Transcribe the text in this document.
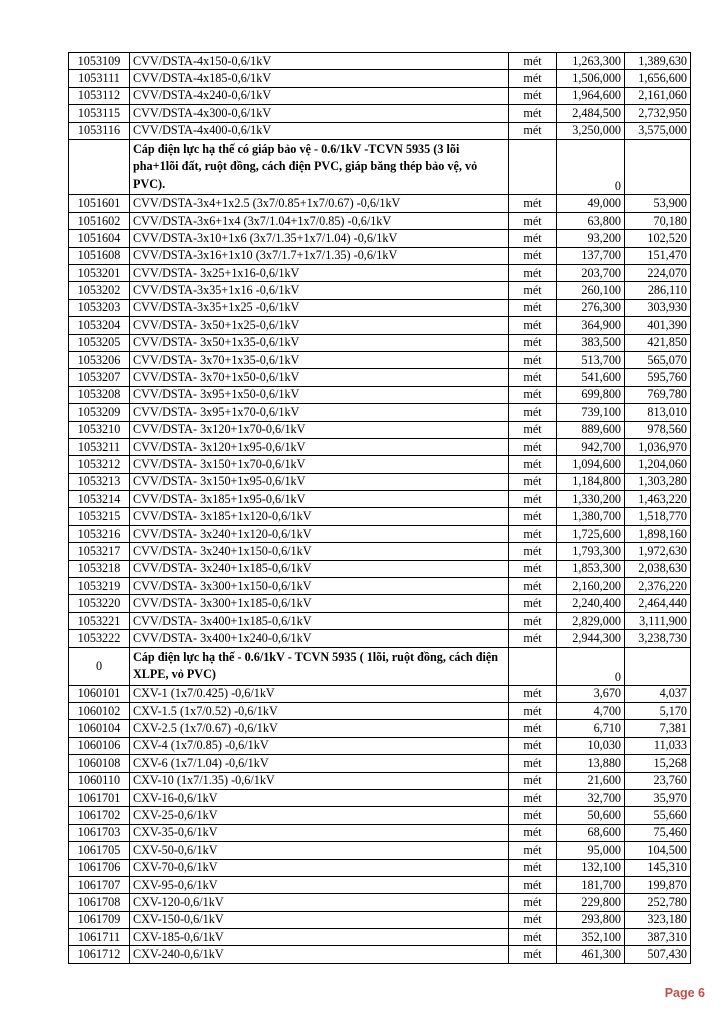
1053109	CVV/DSTA-4x150-0,6/1kV	mét	1,263,300	1,389,630
1053111	CVV/DSTA-4x185-0,6/1kV	mét	1,506,000	1,656,600
1053112	CVV/DSTA-4x240-0,6/1kV	mét	1,964,600	2,161,060
1053115	CVV/DSTA-4x300-0,6/1kV	mét	2,484,500	2,732,950
1053116	CVV/DSTA-4x400-0,6/1kV	mét	3,250,000	3,575,000
	Cáp điện lực hạ thế có giáp bảo vệ - 0.6/1kV -TCVN 5935 (3 lõi pha+1lõi đất, ruột đồng, cách điện PVC, giáp băng thép bảo vệ, vỏ PVC).		0	
1051601	CVV/DSTA-3x4+1x2.5 (3x7/0.85+1x7/0.67) -0,6/1kV	mét	49,000	53,900
1051602	CVV/DSTA-3x6+1x4 (3x7/1.04+1x7/0.85) -0,6/1kV	mét	63,800	70,180
1051604	CVV/DSTA-3x10+1x6 (3x7/1.35+1x7/1.04) -0,6/1kV	mét	93,200	102,520
1051608	CVV/DSTA-3x16+1x10 (3x7/1.7+1x7/1.35) -0,6/1kV	mét	137,700	151,470
1053201	CVV/DSTA- 3x25+1x16-0,6/1kV	mét	203,700	224,070
1053202	CVV/DSTA-3x35+1x16 -0,6/1kV	mét	260,100	286,110
1053203	CVV/DSTA-3x35+1x25 -0,6/1kV	mét	276,300	303,930
1053204	CVV/DSTA- 3x50+1x25-0,6/1kV	mét	364,900	401,390
1053205	CVV/DSTA- 3x50+1x35-0,6/1kV	mét	383,500	421,850
1053206	CVV/DSTA- 3x70+1x35-0,6/1kV	mét	513,700	565,070
1053207	CVV/DSTA- 3x70+1x50-0,6/1kV	mét	541,600	595,760
1053208	CVV/DSTA- 3x95+1x50-0,6/1kV	mét	699,800	769,780
1053209	CVV/DSTA- 3x95+1x70-0,6/1kV	mét	739,100	813,010
1053210	CVV/DSTA- 3x120+1x70-0,6/1kV	mét	889,600	978,560
1053211	CVV/DSTA- 3x120+1x95-0,6/1kV	mét	942,700	1,036,970
1053212	CVV/DSTA- 3x150+1x70-0,6/1kV	mét	1,094,600	1,204,060
1053213	CVV/DSTA- 3x150+1x95-0,6/1kV	mét	1,184,800	1,303,280
1053214	CVV/DSTA- 3x185+1x95-0,6/1kV	mét	1,330,200	1,463,220
1053215	CVV/DSTA- 3x185+1x120-0,6/1kV	mét	1,380,700	1,518,770
1053216	CVV/DSTA- 3x240+1x120-0,6/1kV	mét	1,725,600	1,898,160
1053217	CVV/DSTA- 3x240+1x150-0,6/1kV	mét	1,793,300	1,972,630
1053218	CVV/DSTA- 3x240+1x185-0,6/1kV	mét	1,853,300	2,038,630
1053219	CVV/DSTA- 3x300+1x150-0,6/1kV	mét	2,160,200	2,376,220
1053220	CVV/DSTA- 3x300+1x185-0,6/1kV	mét	2,240,400	2,464,440
1053221	CVV/DSTA- 3x400+1x185-0,6/1kV	mét	2,829,000	3,111,900
1053222	CVV/DSTA- 3x400+1x240-0,6/1kV	mét	2,944,300	3,238,730
0	Cáp điện lực hạ thế - 0.6/1kV - TCVN 5935 ( 1lõi, ruột đồng, cách điện XLPE, vỏ PVC)		0	
1060101	CXV-1 (1x7/0.425) -0,6/1kV	mét	3,670	4,037
1060102	CXV-1.5 (1x7/0.52) -0,6/1kV	mét	4,700	5,170
1060104	CXV-2.5 (1x7/0.67) -0,6/1kV	mét	6,710	7,381
1060106	CXV-4 (1x7/0.85) -0,6/1kV	mét	10,030	11,033
1060108	CXV-6 (1x7/1.04) -0,6/1kV	mét	13,880	15,268
1060110	CXV-10 (1x7/1.35) -0,6/1kV	mét	21,600	23,760
1061701	CXV-16-0,6/1kV	mét	32,700	35,970
1061702	CXV-25-0,6/1kV	mét	50,600	55,660
1061703	CXV-35-0,6/1kV	mét	68,600	75,460
1061705	CXV-50-0,6/1kV	mét	95,000	104,500
1061706	CXV-70-0,6/1kV	mét	132,100	145,310
1061707	CXV-95-0,6/1kV	mét	181,700	199,870
1061708	CXV-120-0,6/1kV	mét	229,800	252,780
1061709	CXV-150-0,6/1kV	mét	293,800	323,180
1061711	CXV-185-0,6/1kV	mét	352,100	387,310
1061712	CXV-240-0,6/1kV	mét	461,300	507,430
Page 6
